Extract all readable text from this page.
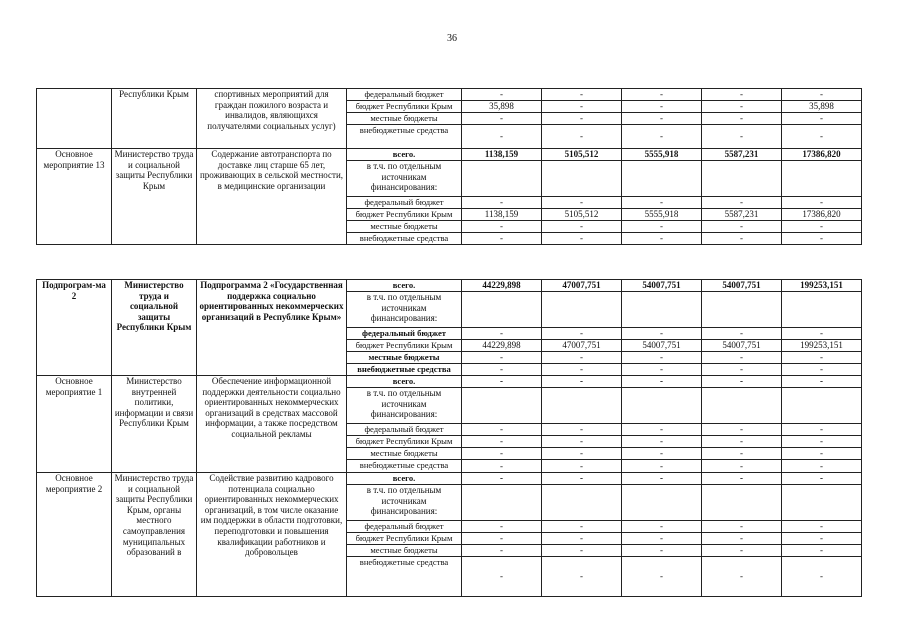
36
	Республики Крым	спортивных мероприятий для граждан пожилого возраста и инвалидов, являющихся получателями социальных услуг)	федеральный бюджет	-	-	-	-	-
			бюджет Республики Крым	35,898	-	-	-	35,898
			местные бюджеты	-	-	-	-	-
			внебюджетные средства	-	-	-	-	-
Основное мероприятие 13	Министерство труда и социальной защиты Республики Крым	Содержание автотранспорта по доставке лиц старше 65 лет, проживающих в сельской местности, в медицинские организации	всего.	1138,159	5105,512	5555,918	5587,231	17386,820
			в т.ч. по отдельным источникам финансирования:					
			федеральный бюджет	-	-	-	-	-
			бюджет Республики Крым	1138,159	5105,512	5555,918	5587,231	17386,820
			местные бюджеты	-	-	-	-	-
			внебюджетные средства	-	-	-	-	-
Подпрограм-ма 2	Министерство труда и социальной защиты Республики Крым	Подпрограмма 2 «Государственная поддержка социально ориентированных некоммерческих организаций в Республике Крым»	всего.	44229,898	47007,751	54007,751	54007,751	199253,151
			в т.ч. по отдельным источникам финансирования:					
			федеральный бюджет	-	-	-	-	-
			бюджет Республики Крым	44229,898	47007,751	54007,751	54007,751	199253,151
			местные бюджеты	-	-	-	-	-
			внебюджетные средства	-	-	-	-	-
Основное мероприятие 1	Министерство внутренней политики, информации и связи Республики Крым	Обеспечение информационной поддержки деятельности социально ориентированных некоммерческих организаций в средствах массовой информации, а также посредством социальной рекламы	всего.	-	-	-	-	-
			в т.ч. по отдельным источникам финансирования:					
			федеральный бюджет	-	-	-	-	-
			бюджет Республики Крым	-	-	-	-	-
			местные бюджеты	-	-	-	-	-
			внебюджетные средства	-	-	-	-	-
Основное мероприятие 2	Министерство труда и социальной защиты Республики Крым, органы местного самоуправления муниципальных образований в	Содействие развитию кадрового потенциала социально ориентированных некоммерческих организаций, в том числе оказание им поддержки в области подготовки, переподготовки и повышения квалификации работников и добровольцев	всего.	-	-	-	-	-
			в т.ч. по отдельным источникам финансирования:					
			федеральный бюджет	-	-	-	-	-
			бюджет Республики Крым	-	-	-	-	-
			местные бюджеты	-	-	-	-	-
			внебюджетные средства	-	-	-	-	-
